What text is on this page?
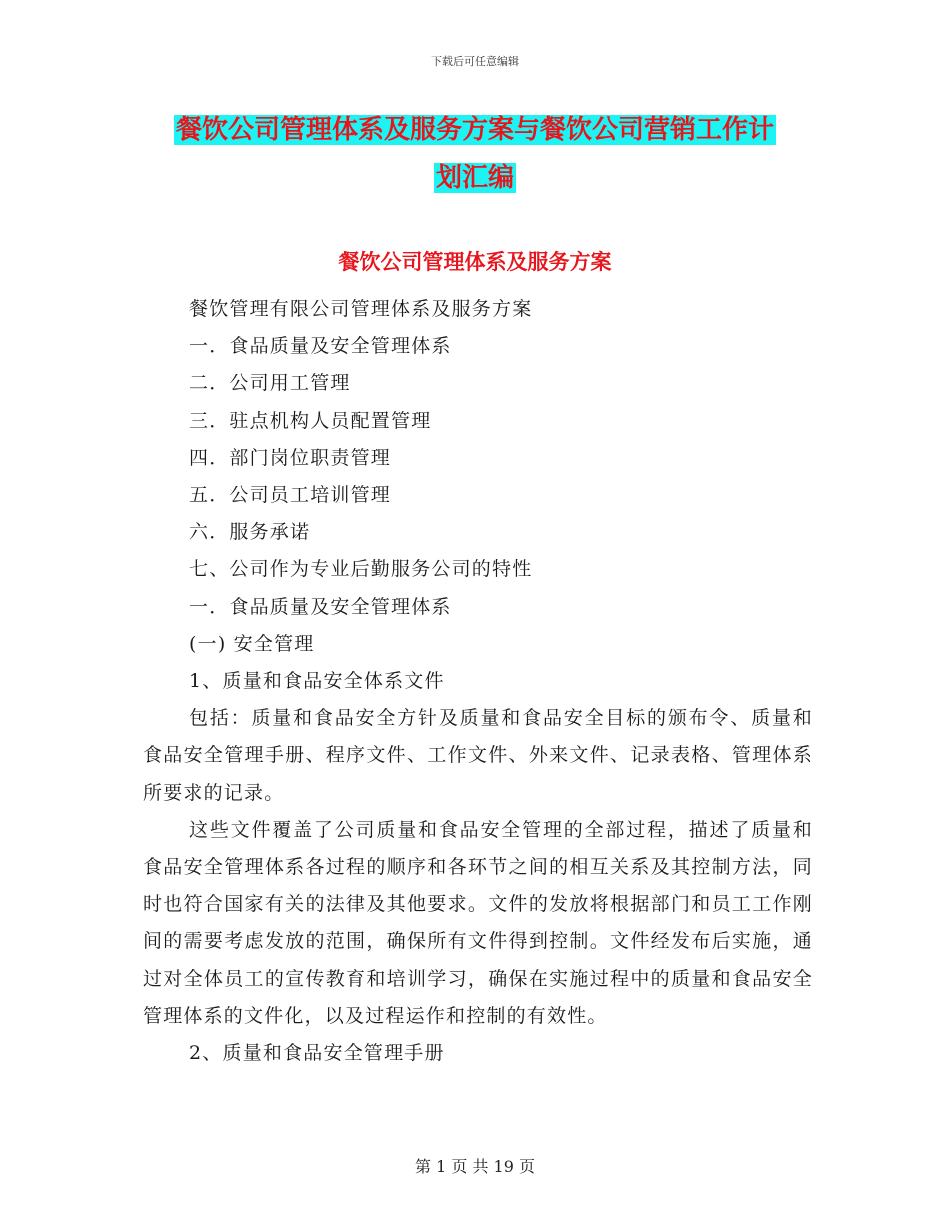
下载后可任意编辑
餐饮公司管理体系及服务方案与餐饮公司营销工作计
划汇编
餐饮公司管理体系及服务方案

餐饮管理有限公司管理体系及服务方案

一．食品质量及安全管理体系

二．公司用工管理

三．驻点机构人员配置管理

四．部门岗位职责管理

五．公司员工培训管理

六．服务承诺

七、公司作为专业后勤服务公司的特性

一．食品质量及安全管理体系

(一) 安全管理

1、质量和食品安全体系文件

包括：质量和食品安全方针及质量和食品安全目标的颁布令、质量和食品安全管理手册、程序文件、工作文件、外来文件、记录表格、管理体系所要求的记录。

这些文件覆盖了公司质量和食品安全管理的全部过程，描述了质量和食品安全管理体系各过程的顺序和各环节之间的相互关系及其控制方法，同时也符合国家有关的法律及其他要求。文件的发放将根据部门和员工工作刚间的需要考虑发放的范围，确保所有文件得到控制。文件经发布后实施，通过对全体员工的宣传教育和培训学习，确保在实施过程中的质量和食品安全管理体系的文件化，以及过程运作和控制的有效性。

2、质量和食品安全管理手册

第 1 页 共 19 页
